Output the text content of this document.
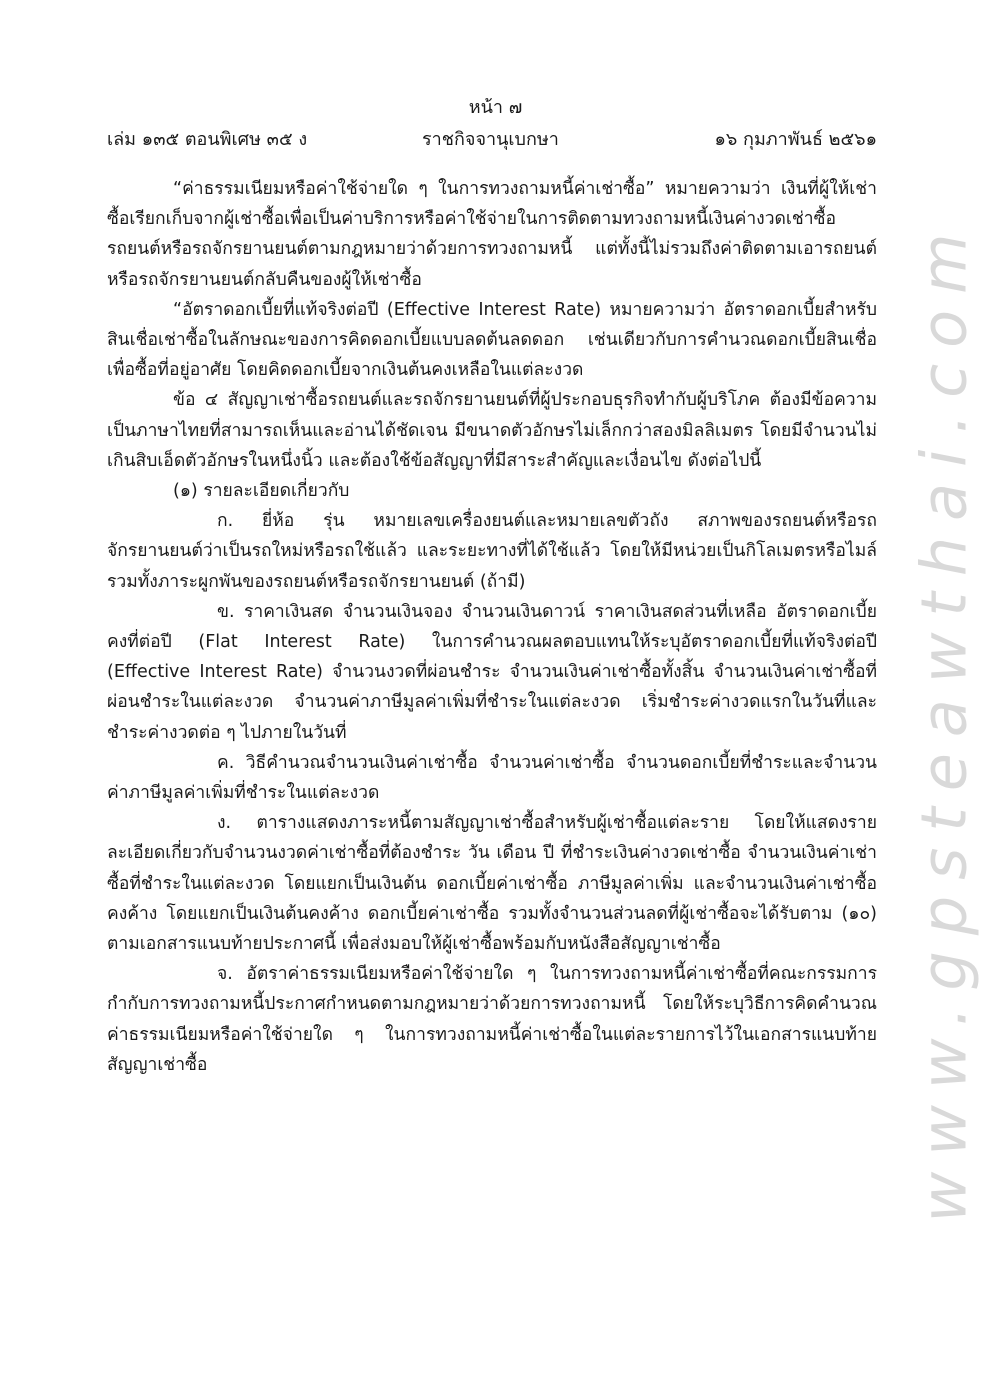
หน้า ๗
เล่ม ๑๓๕ ตอนพิเศษ ๓๕ ง	ราชกิจจานุเบกษา	๑๖ กุมภาพันธ์ ๒๕๖๑

“ค่าธรรมเนียมหรือค่าใช้จ่ายใด ๆ ในการทวงถามหนี้ค่าเช่าซื้อ” หมายความว่า เงินที่ผู้ให้เช่าซื้อเรียกเก็บจากผู้เช่าซื้อเพื่อเป็นค่าบริการหรือค่าใช้จ่ายในการติดตามทวงถามหนี้เงินค่างวดเช่าซื้อรถยนต์หรือรถจักรยานยนต์ตามกฎหมายว่าด้วยการทวงถามหนี้ แต่ทั้งนี้ไม่รวมถึงค่าติดตามเอารถยนต์หรือรถจักรยานยนต์กลับคืนของผู้ให้เช่าซื้อ

“อัตราดอกเบี้ยที่แท้จริงต่อปี (Effective Interest Rate) หมายความว่า อัตราดอกเบี้ยสำหรับสินเชื่อเช่าซื้อในลักษณะของการคิดดอกเบี้ยแบบลดต้นลดดอก เช่นเดียวกับการคำนวณดอกเบี้ยสินเชื่อเพื่อซื้อที่อยู่อาศัย โดยคิดดอกเบี้ยจากเงินต้นคงเหลือในแต่ละงวด

ข้อ ๔ สัญญาเช่าซื้อรถยนต์และรถจักรยานยนต์ที่ผู้ประกอบธุรกิจทำกับผู้บริโภค ต้องมีข้อความเป็นภาษาไทยที่สามารถเห็นและอ่านได้ชัดเจน มีขนาดตัวอักษรไม่เล็กกว่าสองมิลลิเมตร โดยมีจำนวนไม่เกินสิบเอ็ดตัวอักษรในหนึ่งนิ้ว และต้องใช้ข้อสัญญาที่มีสาระสำคัญและเงื่อนไข ดังต่อไปนี้

(๑) รายละเอียดเกี่ยวกับ

ก. ยี่ห้อ รุ่น หมายเลขเครื่องยนต์และหมายเลขตัวถัง สภาพของรถยนต์หรือรถจักรยานยนต์ว่าเป็นรถใหม่หรือรถใช้แล้ว และระยะทางที่ได้ใช้แล้ว โดยให้มีหน่วยเป็นกิโลเมตรหรือไมล์ รวมทั้งภาระผูกพันของรถยนต์หรือรถจักรยานยนต์ (ถ้ามี)

ข. ราคาเงินสด จำนวนเงินจอง จำนวนเงินดาวน์ ราคาเงินสดส่วนที่เหลือ อัตราดอกเบี้ยคงที่ต่อปี (Flat Interest Rate) ในการคำนวณผลตอบแทนให้ระบุอัตราดอกเบี้ยที่แท้จริงต่อปี (Effective Interest Rate) จำนวนงวดที่ผ่อนชำระ จำนวนเงินค่าเช่าซื้อทั้งสิ้น จำนวนเงินค่าเช่าซื้อที่ผ่อนชำระในแต่ละงวด จำนวนค่าภาษีมูลค่าเพิ่มที่ชำระในแต่ละงวด เริ่มชำระค่างวดแรกในวันที่และชำระค่างวดต่อ ๆ ไปภายในวันที่

ค. วิธีคำนวณจำนวนเงินค่าเช่าซื้อ จำนวนค่าเช่าซื้อ จำนวนดอกเบี้ยที่ชำระและจำนวนค่าภาษีมูลค่าเพิ่มที่ชำระในแต่ละงวด

ง. ตารางแสดงภาระหนี้ตามสัญญาเช่าซื้อสำหรับผู้เช่าซื้อแต่ละราย โดยให้แสดงรายละเอียดเกี่ยวกับจำนวนงวดค่าเช่าซื้อที่ต้องชำระ วัน เดือน ปี ที่ชำระเงินค่างวดเช่าซื้อ จำนวนเงินค่าเช่าซื้อที่ชำระในแต่ละงวด โดยแยกเป็นเงินต้น ดอกเบี้ยค่าเช่าซื้อ ภาษีมูลค่าเพิ่ม และจำนวนเงินค่าเช่าซื้อคงค้าง โดยแยกเป็นเงินต้นคงค้าง ดอกเบี้ยค่าเช่าซื้อ รวมทั้งจำนวนส่วนลดที่ผู้เช่าซื้อจะได้รับตาม (๑๐) ตามเอกสารแนบท้ายประกาศนี้ เพื่อส่งมอบให้ผู้เช่าซื้อพร้อมกับหนังสือสัญญาเช่าซื้อ

จ. อัตราค่าธรรมเนียมหรือค่าใช้จ่ายใด ๆ ในการทวงถามหนี้ค่าเช่าซื้อที่คณะกรรมการกำกับการทวงถามหนี้ประกาศกำหนดตามกฎหมายว่าด้วยการทวงถามหนี้ โดยให้ระบุวิธีการคิดคำนวณค่าธรรมเนียมหรือค่าใช้จ่ายใด ๆ ในการทวงถามหนี้ค่าเช่าซื้อในแต่ละรายการไว้ในเอกสารแนบท้ายสัญญาเช่าซื้อ	www.gpsteawthai.com
